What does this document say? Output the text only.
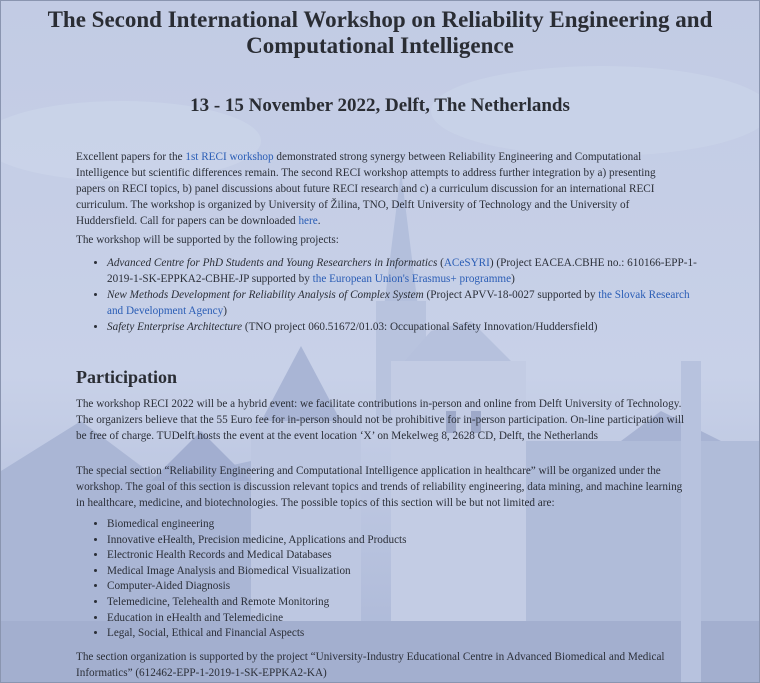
The Second International Workshop on Reliability Engineering and Computational Intelligence
13 - 15 November 2022, Delft, The Netherlands

Excellent papers for the 1st RECI workshop demonstrated strong synergy between Reliability Engineering and Computational Intelligence but scientific differences remain. The second RECI workshop attempts to address further integration by a) presenting papers on RECI topics, b) panel discussions about future RECI research and c) a curriculum discussion for an international RECI curriculum. The workshop is organized by University of Žilina, TNO, Delft University of Technology and the University of Huddersfield. Call for papers can be downloaded here.

The workshop will be supported by the following projects:

• Advanced Centre for PhD Students and Young Researchers in Informatics (ACeSYRI) (Project EACEA.CBHE no.: 610166-EPP-1-2019-1-SK-EPPKA2-CBHE-JP supported by the European Union's Erasmus+ programme)
• New Methods Development for Reliability Analysis of Complex System (Project APVV-18-0027 supported by the Slovak Research and Development Agency)
• Safety Enterprise Architecture (TNO project 060.51672/01.03: Occupational Safety Innovation/Huddersfield)
Participation

The workshop RECI 2022 will be a hybrid event: we facilitate contributions in-person and online from Delft University of Technology. The organizers believe that the 55 Euro fee for in-person should not be prohibitive for in-person participation. On-line participation will be free of charge. TUDelft hosts the event at the event location ‘X’ on Mekelweg 8, 2628 CD, Delft, the Netherlands

The special section “Reliability Engineering and Computational Intelligence application in healthcare” will be organized under the workshop. The goal of this section is discussion relevant topics and trends of reliability engineering, data mining, and machine learning in healthcare, medicine, and biotechnologies. The possible topics of this section will be but not limited are:

• Biomedical engineering
• Innovative eHealth, Precision medicine, Applications and Products
• Electronic Health Records and Medical Databases
• Medical Image Analysis and Biomedical Visualization
• Computer-Aided Diagnosis
• Telemedicine, Telehealth and Remote Monitoring
• Education in eHealth and Telemedicine
• Legal, Social, Ethical and Financial Aspects

The section organization is supported by the project “University-Industry Educational Centre in Advanced Biomedical and Medical Informatics” (612462-EPP-1-2019-1-SK-EPPKA2-KA)
